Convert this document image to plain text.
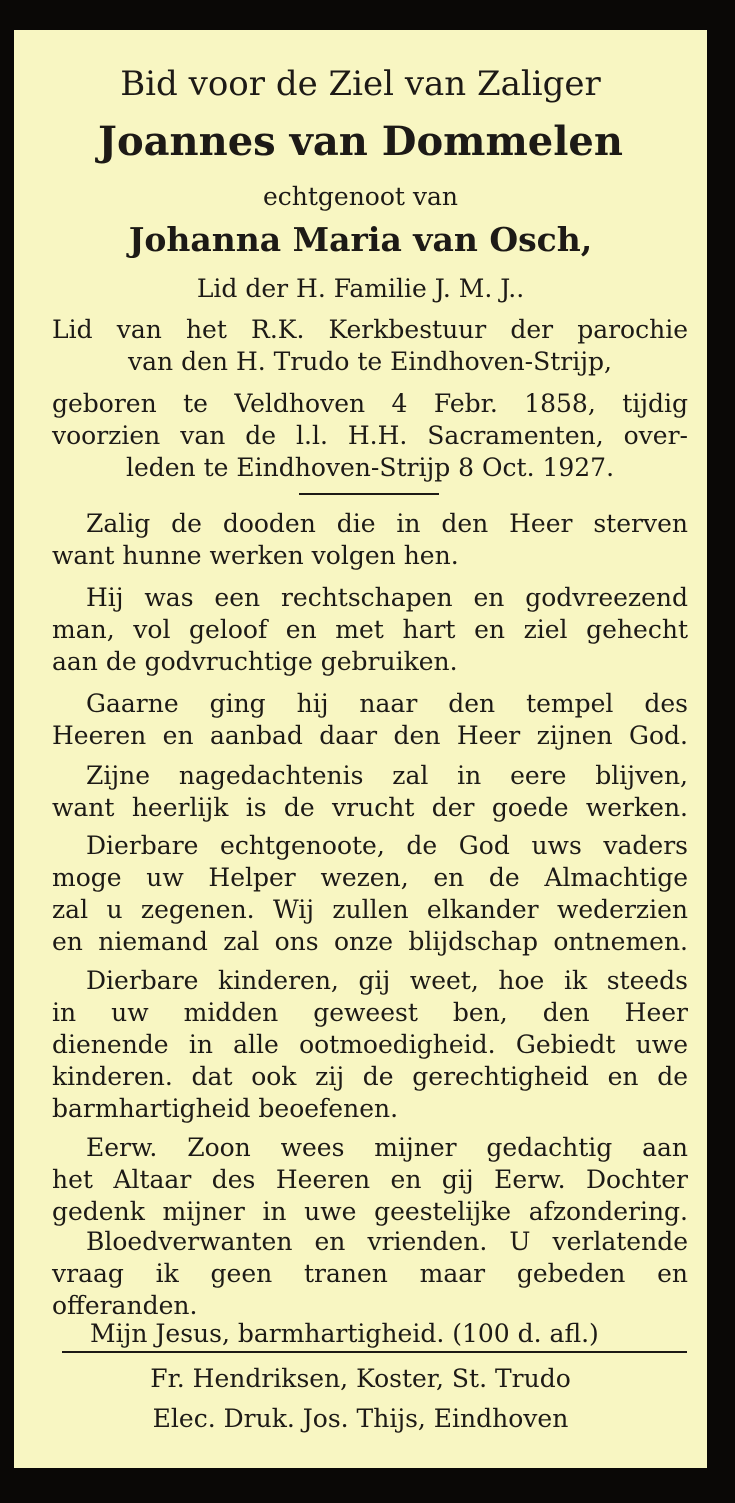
Bid voor de Ziel van Zaliger
Joannes van Dommelen
echtgenoot van
Johanna Maria van Osch,
Lid der H. Familie J. M. J..
Lid van het R.K. Kerkbestuur der parochie
van den H. Trudo te Eindhoven-Strijp,
geboren te Veldhoven 4 Febr. 1858, tijdig
voorzien van de l.l. H.H. Sacramenten, over-
leden te Eindhoven-Strijp 8 Oct. 1927.
Zalig de dooden die in den Heer sterven
want hunne werken volgen hen.
Hij was een rechtschapen en godvreezend
man, vol geloof en met hart en ziel gehecht
aan de godvruchtige gebruiken.
Gaarne ging hij naar den tempel des
Heeren en aanbad daar den Heer zijnen God.
Zijne nagedachtenis zal in eere blijven,
want heerlijk is de vrucht der goede werken.
Dierbare echtgenoote, de God uws vaders
moge uw Helper wezen, en de Almachtige
zal u zegenen. Wij zullen elkander wederzien
en niemand zal ons onze blijdschap ontnemen.
Dierbare kinderen, gij weet, hoe ik steeds
in uw midden geweest ben, den Heer
dienende in alle ootmoedigheid. Gebiedt uwe
kinderen. dat ook zij de gerechtigheid en de
barmhartigheid beoefenen.
Eerw. Zoon wees mijner gedachtig aan
het Altaar des Heeren en gij Eerw. Dochter
gedenk mijner in uwe geestelijke afzondering.
Bloedverwanten en vrienden. U verlatende
vraag ik geen tranen maar gebeden en
offeranden.
Mijn Jesus, barmhartigheid. (100 d. afl.)
Fr. Hendriksen, Koster, St. Trudo
Elec. Druk. Jos. Thijs, Eindhoven
